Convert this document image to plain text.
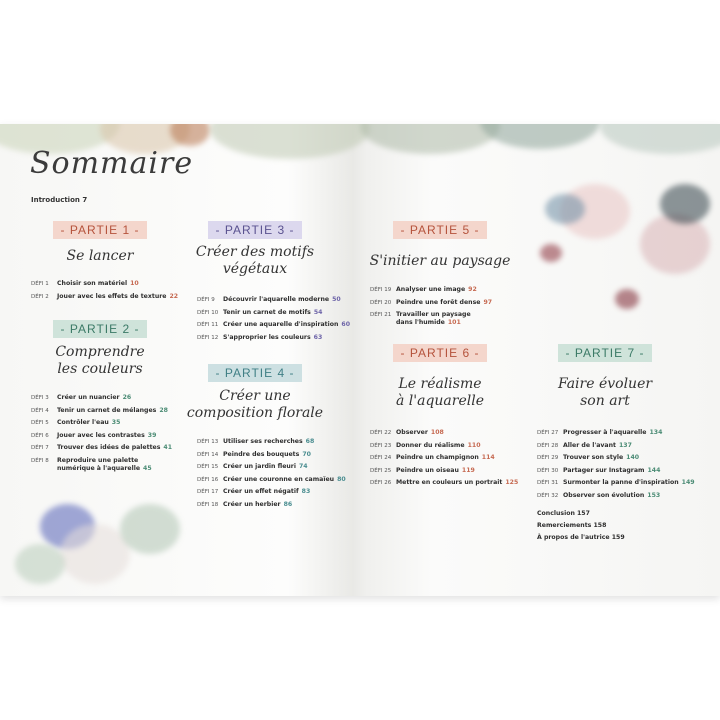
Sommaire
Introduction 7
- PARTIE 1 -
Se lancer
DÉFI 1 Choisir son matériel 10
DÉFI 2 Jouer avec les effets de texture 22
- PARTIE 2 -
Comprendre
les couleurs
DÉFI 3 Créer un nuancier 26
DÉFI 4 Tenir un carnet de mélanges 28
DÉFI 5 Contrôler l'eau 35
DÉFI 6 Jouer avec les contrastes 39
DÉFI 7 Trouver des idées de palettes 41
DÉFI 8 Reproduire une palette
numérique à l'aquarelle 45
- PARTIE 3 -
Créer des motifs
végétaux
DÉFI 9 Découvrir l'aquarelle moderne 50
DÉFI 10 Tenir un carnet de motifs 54
DÉFI 11 Créer une aquarelle d'inspiration 60
DÉFI 12 S'approprier les couleurs 63
- PARTIE 4 -
Créer une
composition florale
DÉFI 13 Utiliser ses recherches 68
DÉFI 14 Peindre des bouquets 70
DÉFI 15 Créer un jardin fleuri 74
DÉFI 16 Créer une couronne en camaïeu 80
DÉFI 17 Créer un effet négatif 83
DÉFI 18 Créer un herbier 86
- PARTIE 5 -
S'initier au paysage
DÉFI 19 Analyser une image 92
DÉFI 20 Peindre une forêt dense 97
DÉFI 21 Travailler un paysage
dans l'humide 101
- PARTIE 6 -
Le réalisme
à l'aquarelle
DÉFI 22 Observer 108
DÉFI 23 Donner du réalisme 110
DÉFI 24 Peindre un champignon 114
DÉFI 25 Peindre un oiseau 119
DÉFI 26 Mettre en couleurs un portrait 125
- PARTIE 7 -
Faire évoluer
son art
DÉFI 27 Progresser à l'aquarelle 134
DÉFI 28 Aller de l'avant 137
DÉFI 29 Trouver son style 140
DÉFI 30 Partager sur Instagram 144
DÉFI 31 Surmonter la panne d'inspiration 149
DÉFI 32 Observer son évolution 153
Conclusion 157
Remerciements 158
À propos de l'autrice 159
